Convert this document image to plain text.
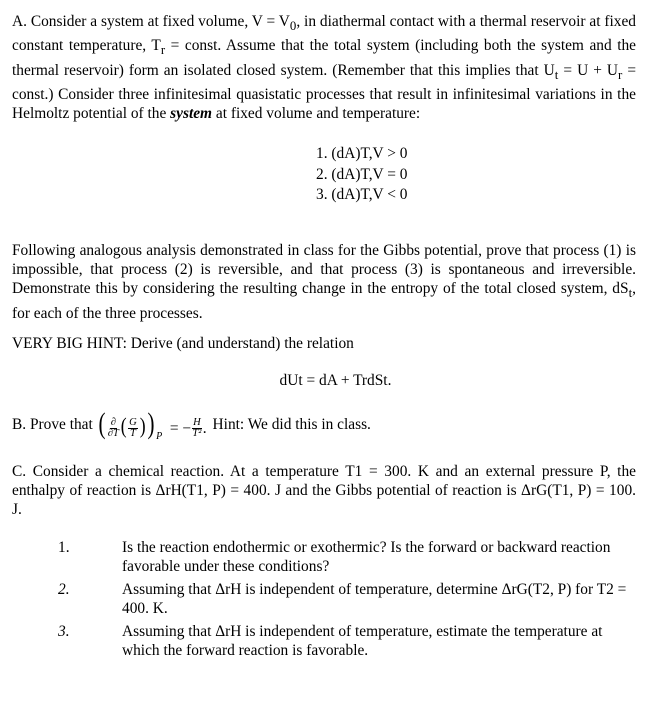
A. Consider a system at fixed volume, $V = V_0$, in diathermal contact with a thermal reservoir at fixed constant temperature, $T_r$ = const. Assume that the total system (including both the system and the thermal reservoir) form an isolated closed system. (Remember that this implies that $U_t = U + U_r$ = const.) Consider three infinitesimal quasistatic processes that result in infinitesimal variations in the Helmoltz potential of the system at fixed volume and temperature:
1. (dA)T,V > 0
2. (dA)T,V = 0
3. (dA)T,V < 0
Following analogous analysis demonstrated in class for the Gibbs potential, prove that process (1) is impossible, that process (2) is reversible, and that process (3) is spontaneous and irreversible. Demonstrate this by considering the resulting change in the entropy of the total closed system, $dS_t$, for each of the three processes.
VERY BIG HINT: Derive (and understand) the relation
dUt = dA + TrdSt.
B. Prove that ( $\frac{\partial}{\partial T}$ ( $\frac{G}{T}$ )) $_P$  = − $\frac{H}{\text{T²}}$ . Hint: We did this in class.
C. Consider a chemical reaction. At a temperature T1 = 300. K and an external pressure P, the enthalpy of reaction is ΔrH(T1, P) = 400. J and the Gibbs potential of reaction is ΔrG(T1, P) = 100. J.
1.	Is the reaction endothermic or exothermic? Is the forward or backward reaction favorable under these conditions?
2.	Assuming that ΔrH is independent of temperature, determine ΔrG(T2, P) for T2 = 400. K.
3.	Assuming that ΔrH is independent of temperature, estimate the temperature at which the forward reaction is favorable.
